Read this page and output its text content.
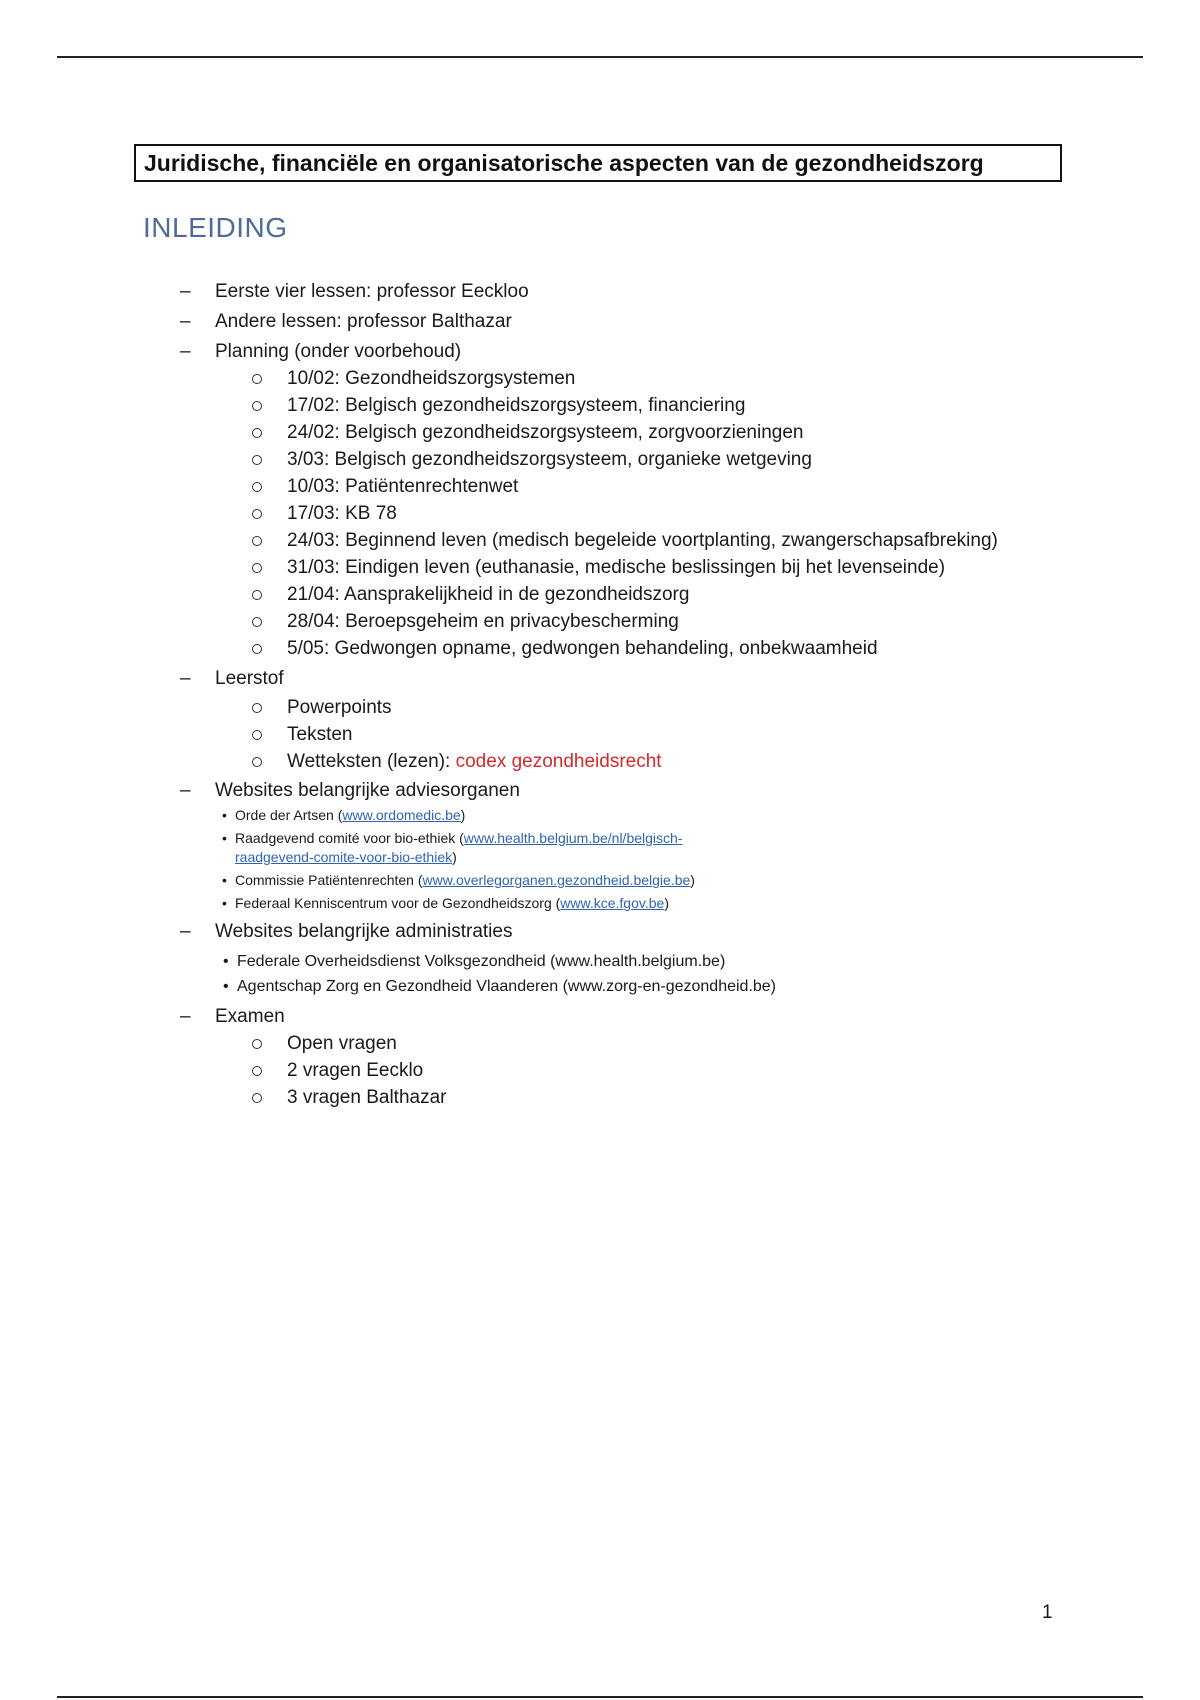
Juridische, financiële en organisatorische aspecten van de gezondheidszorg
INLEIDING
– Eerste vier lessen: professor Eeckloo
– Andere lessen: professor Balthazar
– Planning (onder voorbehoud)
10/02: Gezondheidszorgsystemen
17/02: Belgisch gezondheidszorgsysteem, financiering
24/02: Belgisch gezondheidszorgsysteem, zorgvoorzieningen
3/03: Belgisch gezondheidszorgsysteem, organieke wetgeving
10/03: Patiëntenrechtenwet
17/03: KB 78
24/03: Beginnend leven (medisch begeleide voortplanting, zwangerschapsafbreking)
31/03: Eindigen leven (euthanasie, medische beslissingen bij het levenseinde)
21/04: Aansprakelijkheid in de gezondheidszorg
28/04: Beroepsgeheim en privacybescherming
5/05: Gedwongen opname, gedwongen behandeling, onbekwaamheid
– Leerstof
Powerpoints
Teksten
Wetteksten (lezen): codex gezondheidsrecht
– Websites belangrijke adviesorganen
• Orde der Artsen (www.ordomedic.be)
• Raadgevend comité voor bio-ethiek (www.health.belgium.be/nl/belgisch-
raadgevend-comite-voor-bio-ethiek)
• Commissie Patiëntenrechten (www.overlegorganen.gezondheid.belgie.be)
• Federaal Kenniscentrum voor de Gezondheidszorg (www.kce.fgov.be)
– Websites belangrijke administraties
• Federale Overheidsdienst Volksgezondheid (www.health.belgium.be)
• Agentschap Zorg en Gezondheid Vlaanderen (www.zorg-en-gezondheid.be)
– Examen
Open vragen
2 vragen Eecklo
3 vragen Balthazar
1
